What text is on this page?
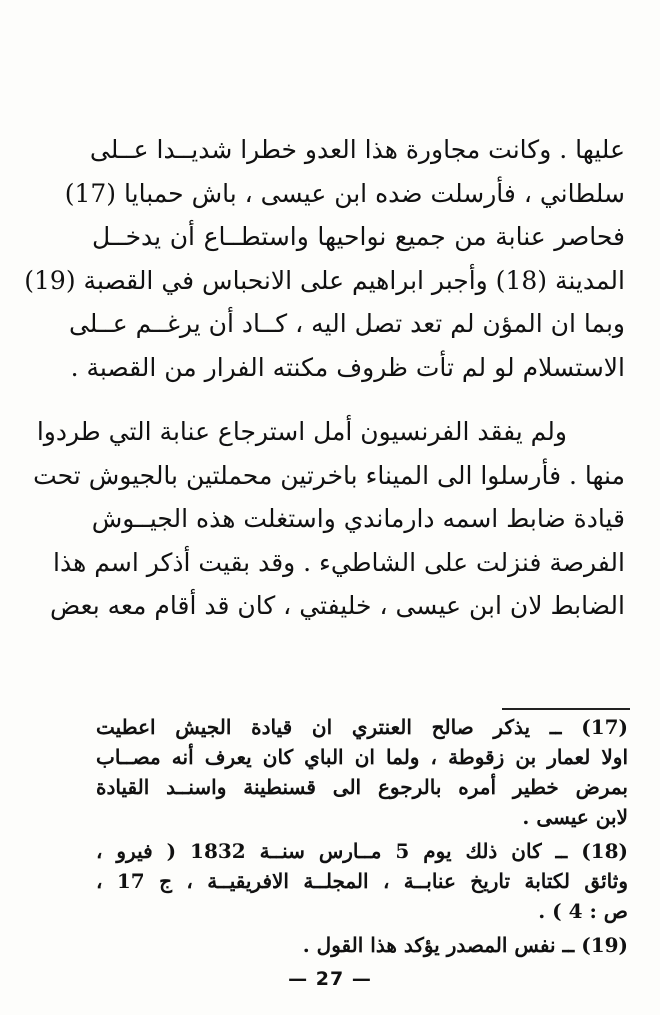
عليها . وكانت مجاورة هذا العدو خطرا شديــدا عــلى
سلطاني ، فأرسلت ضده ابن عيسى ، باش حمبايا (17)
فحاصر عنابة من جميع نواحيها واستطــاع أن يدخــل
المدينة (18) وأجبر ابراهيم على الانحباس في القصبة (19)
وبما ان المؤن لم تعد تصل اليه ، كــاد أن يرغــم عــلى
الاستسلام لو لم تأت ظروف مكنته الفرار من القصبة .
ولم يفقد الفرنسيون أمل استرجاع عنابة التي طردوا
منها . فأرسلوا الى الميناء باخرتين محملتين بالجيوش تحت
قيادة ضابط اسمه دارماندي واستغلت هذه الجيــوش
الفرصة فنزلت على الشاطيء . وقد بقيت أذكر اسم هذا
الضابط لان ابن عيسى ، خليفتي ، كان قد أقام معه بعض
(17) ــ يذكر صالح العنتري ان قيادة الجيش اعطيت
اولا لعمار بن زقوطة ، ولما ان الباي كان يعرف أنه مصــاب
بمرض خطير أمره بالرجوع الى قسنطينة واسنــد القيادة
لابن عيسى .
(18) ــ كان ذلك يوم 5 مــارس سنــة 1832 ( فيرو ،
وثائق لكتابة تاريخ عنابــة ، المجلــة الافريقيــة ، ج 17 ،
ص : 4 ) .
(19) ــ نفس المصدر يؤكد هذا القول .
— 27 —
